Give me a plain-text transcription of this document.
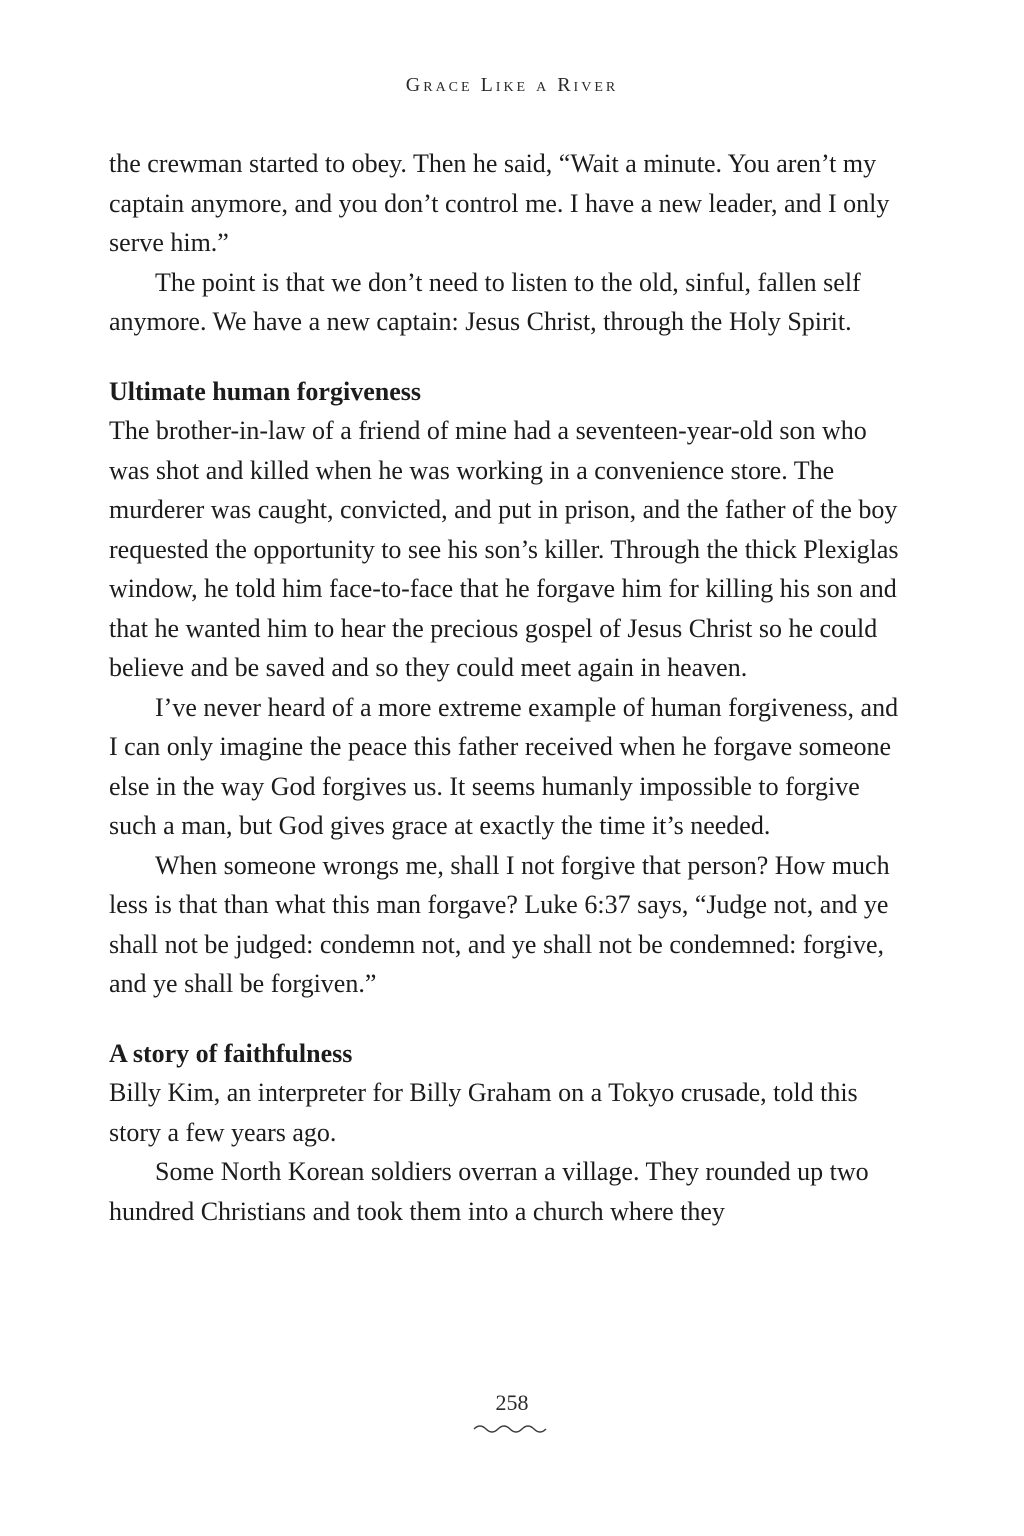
Grace Like a River

the crewman started to obey. Then he said, “Wait a minute. You aren’t my captain anymore, and you don’t control me. I have a new leader, and I only serve him.”

The point is that we don’t need to listen to the old, sinful, fallen self anymore. We have a new captain: Jesus Christ, through the Holy Spirit.

Ultimate human forgiveness

The brother-in-law of a friend of mine had a seventeen-year-old son who was shot and killed when he was working in a convenience store. The murderer was caught, convicted, and put in prison, and the father of the boy requested the opportunity to see his son’s killer. Through the thick Plexiglas window, he told him face-to-face that he forgave him for killing his son and that he wanted him to hear the precious gospel of Jesus Christ so he could believe and be saved and so they could meet again in heaven.

I’ve never heard of a more extreme example of human forgiveness, and I can only imagine the peace this father received when he forgave someone else in the way God forgives us. It seems humanly impossible to forgive such a man, but God gives grace at exactly the time it’s needed.

When someone wrongs me, shall I not forgive that person? How much less is that than what this man forgave? Luke 6:37 says, “Judge not, and ye shall not be judged: condemn not, and ye shall not be condemned: forgive, and ye shall be forgiven.”

A story of faithfulness

Billy Kim, an interpreter for Billy Graham on a Tokyo crusade, told this story a few years ago.

Some North Korean soldiers overran a village. They rounded up two hundred Christians and took them into a church where they

258
